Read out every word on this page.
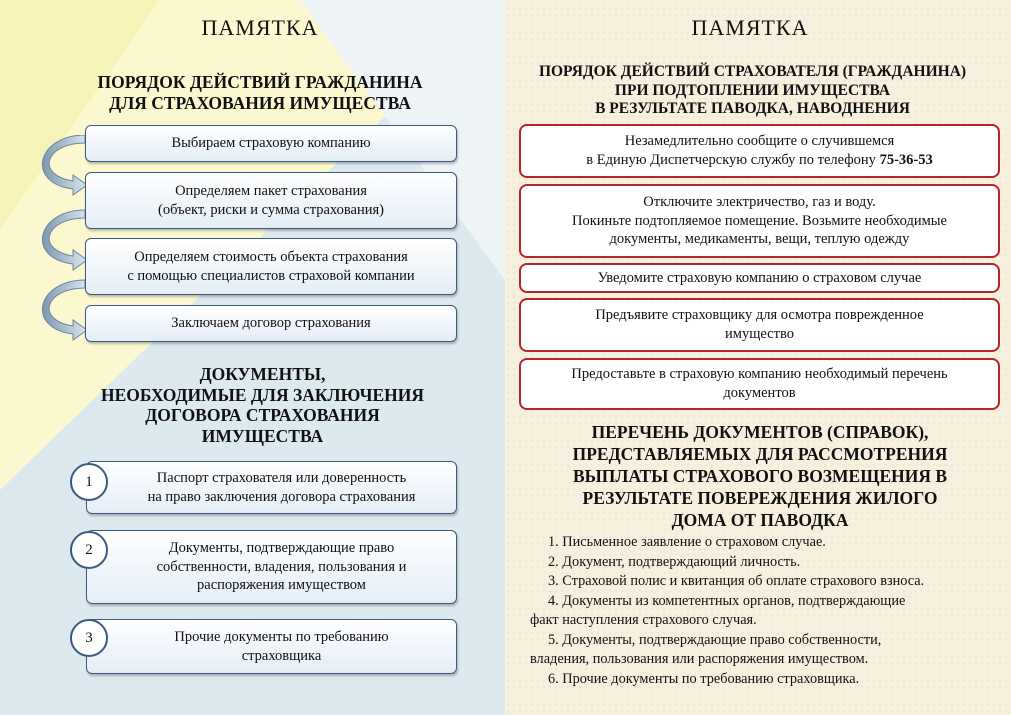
ПАМЯТКА
ПОРЯДОК ДЕЙСТВИЙ ГРАЖДАНИНА
ДЛЯ СТРАХОВАНИЯ ИМУЩЕСТВА
Выбираем страховую компанию
Определяем пакет страхования
(объект, риски и сумма страхования)
Определяем стоимость объекта страхования
с помощью специалистов страховой компании
Заключаем договор страхования
ДОКУМЕНТЫ,
НЕОБХОДИМЫЕ ДЛЯ ЗАКЛЮЧЕНИЯ
ДОГОВОРА СТРАХОВАНИЯ
ИМУЩЕСТВА
Паспорт страхователя или доверенность
на право заключения договора страхования
1
Документы, подтверждающие право
собственности, владения, пользования и
распоряжения имуществом
2
Прочие документы по требованию
страховщика
3
ПАМЯТКА
ПОРЯДОК ДЕЙСТВИЙ СТРАХОВАТЕЛЯ (ГРАЖДАНИНА)
ПРИ ПОДТОПЛЕНИИ ИМУЩЕСТВА
В РЕЗУЛЬТАТЕ ПАВОДКА, НАВОДНЕНИЯ
Незамедлительно сообщите о случившемся
в Единую Диспетчерскую службу по телефону 75-36-53
Отключите электричество, газ и воду.
Покиньте подтопляемое помещение. Возьмите необходимые
документы, медикаменты, вещи, теплую одежду
Уведомите страховую компанию о страховом случае
Предъявите страховщику для осмотра поврежденное
имущество
Предоставьте в страховую компанию необходимый перечень
документов
ПЕРЕЧЕНЬ ДОКУМЕНТОВ (СПРАВОК),
ПРЕДСТАВЛЯЕМЫХ ДЛЯ РАССМОТРЕНИЯ
ВЫПЛАТЫ СТРАХОВОГО ВОЗМЕЩЕНИЯ В
РЕЗУЛЬТАТЕ ПОВЕРЕЖДЕНИЯ ЖИЛОГО
ДОМА ОТ ПАВОДКА
1. Письменное заявление о страховом случае.
2. Документ, подтверждающий личность.
3. Страховой полис и квитанция об оплате страхового взноса.
4. Документы из компетентных органов, подтверждающие
факт наступления страхового случая.
5. Документы, подтверждающие право собственности,
владения, пользования или распоряжения имуществом.
6. Прочие документы по требованию страховщика.
